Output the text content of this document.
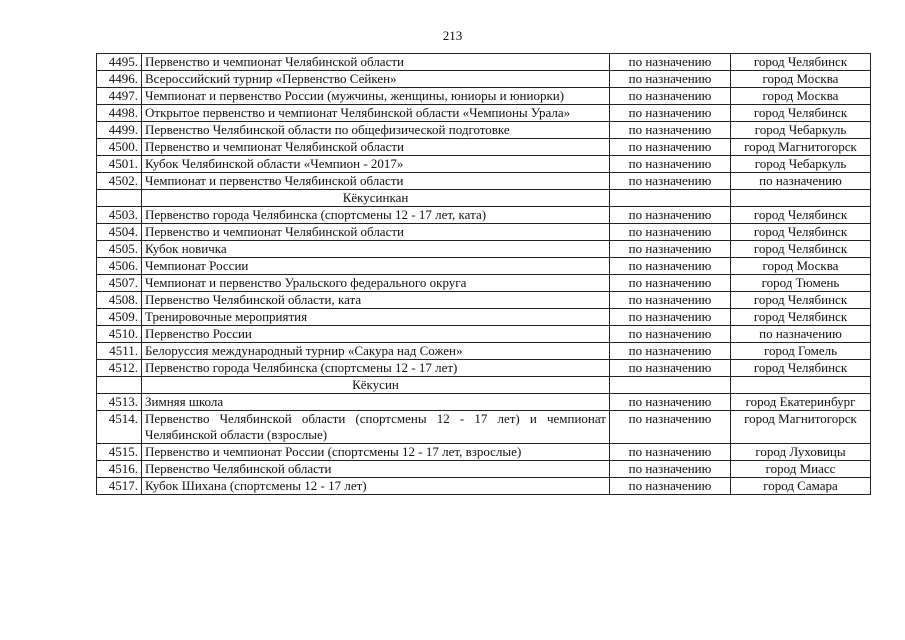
213
4495.	Первенство и чемпионат Челябинской области	по назначению	город Челябинск
4496.	Всероссийский турнир «Первенство Сейкен»	по назначению	город Москва
4497.	Чемпионат и первенство России (мужчины, женщины, юниоры и юниорки)	по назначению	город Москва
4498.	Открытое первенство и чемпионат Челябинской области «Чемпионы Урала»	по назначению	город Челябинск
4499.	Первенство Челябинской области по общефизической подготовке	по назначению	город Чебаркуль
4500.	Первенство и чемпионат Челябинской области	по назначению	город Магнитогорск
4501.	Кубок Челябинской области «Чемпион - 2017»	по назначению	город Чебаркуль
4502.	Чемпионат и первенство Челябинской области	по назначению	по назначению
	Кёкусинкан		
4503.	Первенство города Челябинска (спортсмены 12 - 17 лет, ката)	по назначению	город Челябинск
4504.	Первенство и чемпионат Челябинской области	по назначению	город Челябинск
4505.	Кубок новичка	по назначению	город Челябинск
4506.	Чемпионат России	по назначению	город Москва
4507.	Чемпионат и первенство Уральского федерального округа	по назначению	город Тюмень
4508.	Первенство Челябинской области, ката	по назначению	город Челябинск
4509.	Тренировочные мероприятия	по назначению	город Челябинск
4510.	Первенство России	по назначению	по назначению
4511.	Белоруссия международный турнир «Сакура над Сожен»	по назначению	город Гомель
4512.	Первенство города Челябинска (спортсмены 12 - 17 лет)	по назначению	город Челябинск
	Кёкусин		
4513.	Зимняя школа	по назначению	город Екатеринбург
4514.	Первенство Челябинской области (спортсмены 12 - 17 лет) и чемпионат Челябинской области (взрослые)	по назначению	город Магнитогорск
4515.	Первенство и чемпионат России (спортсмены 12 - 17 лет, взрослые)	по назначению	город Луховицы
4516.	Первенство Челябинской области	по назначению	город Миасс
4517.	Кубок Шихана (спортсмены 12 - 17 лет)	по назначению	город Самара
